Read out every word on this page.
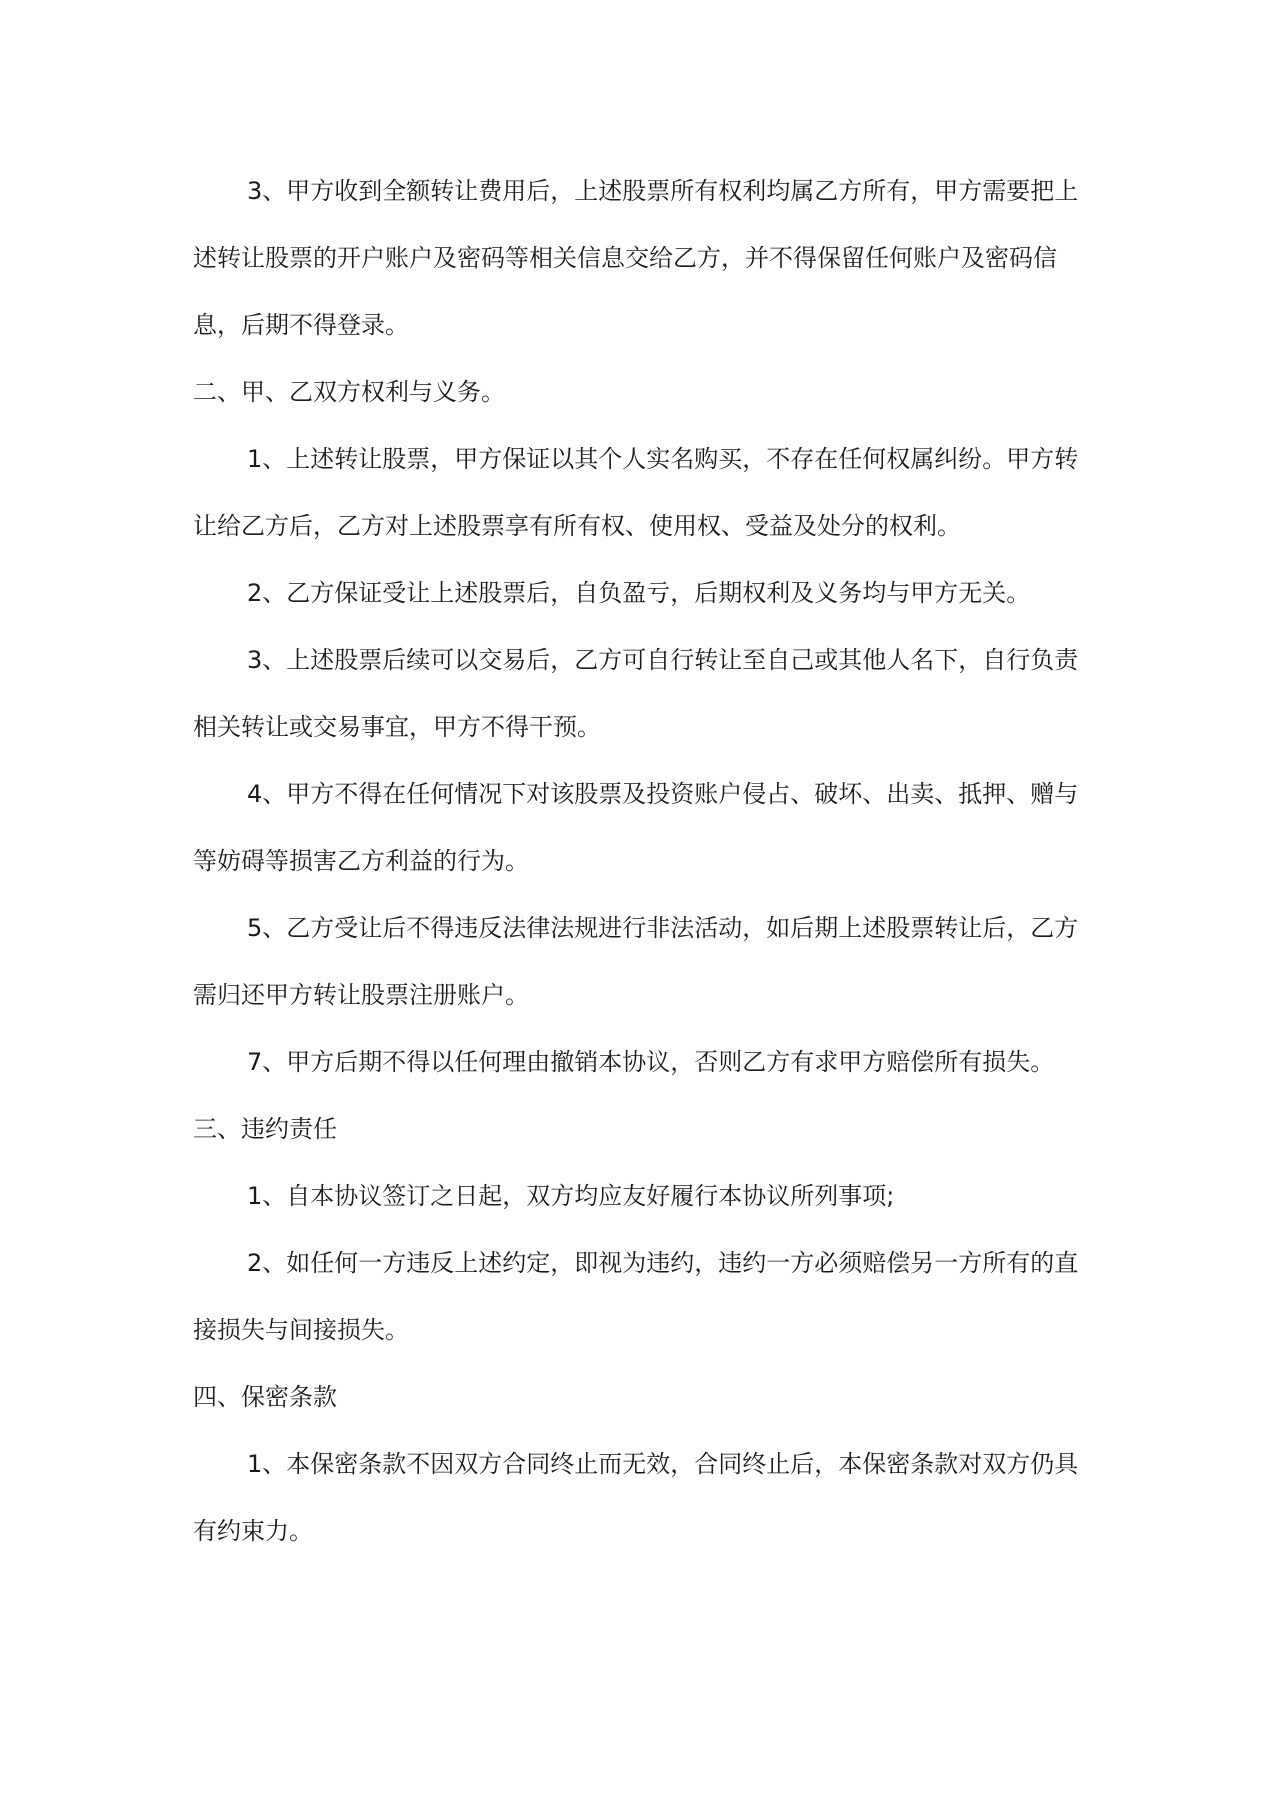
3、甲方收到全额转让费用后，上述股票所有权利均属乙方所有，甲方需要把上述转让股票的开户账户及密码等相关信息交给乙方，并不得保留任何账户及密码信息，后期不得登录。

二、甲、乙双方权利与义务。

1、上述转让股票，甲方保证以其个人实名购买，不存在任何权属纠纷。甲方转让给乙方后，乙方对上述股票享有所有权、使用权、受益及处分的权利。

2、乙方保证受让上述股票后，自负盈亏，后期权利及义务均与甲方无关。

3、上述股票后续可以交易后，乙方可自行转让至自己或其他人名下，自行负责相关转让或交易事宜，甲方不得干预。

4、甲方不得在任何情况下对该股票及投资账户侵占、破坏、出卖、抵押、赠与等妨碍等损害乙方利益的行为。

5、乙方受让后不得违反法律法规进行非法活动，如后期上述股票转让后，乙方需归还甲方转让股票注册账户。

7、甲方后期不得以任何理由撤销本协议，否则乙方有求甲方赔偿所有损失。

三、违约责任

1、自本协议签订之日起，双方均应友好履行本协议所列事项;

2、如任何一方违反上述约定，即视为违约，违约一方必须赔偿另一方所有的直接损失与间接损失。

四、保密条款

1、本保密条款不因双方合同终止而无效，合同终止后，本保密条款对双方仍具有约束力。
